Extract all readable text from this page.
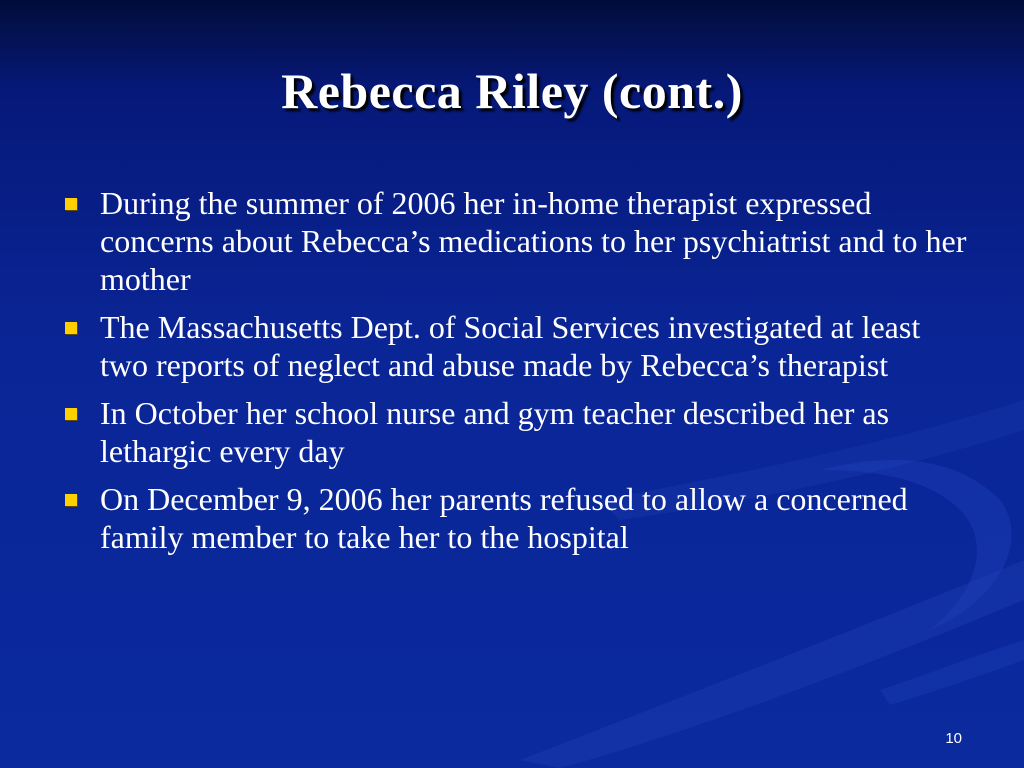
Rebecca Riley (cont.)
During the summer of 2006 her in-home therapist expressed concerns about Rebecca’s medications to her psychiatrist and to her mother
The Massachusetts Dept. of Social Services investigated at least two reports of neglect and abuse made by Rebecca’s therapist
In October her school nurse and gym teacher described her as lethargic every day
On December 9, 2006 her parents refused to allow a concerned family member to take her to the hospital
10
